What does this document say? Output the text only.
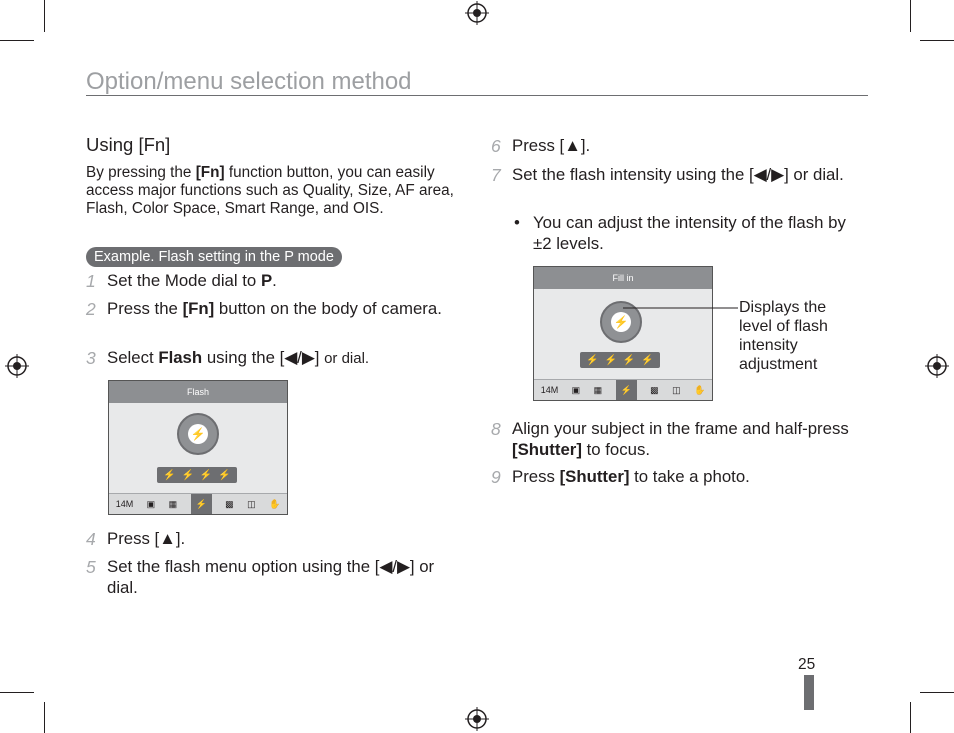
Option/menu selection method
Using [Fn]
By pressing the [Fn] function button, you can easily access major functions such as Quality, Size, AF area, Flash, Color Space, Smart Range, and OIS.
Example. Flash setting in the P mode
1 Set the Mode dial to P.
2 Press the [Fn] button on the body of camera.
3 Select Flash using the [◀/▶] or dial.
Flash
⚡
⚡ ⚡ ⚡ ⚡
14M ▣ ▦	⚡	▩ ◫ ✋
4 Press [▲].
5 Set the flash menu option using the [◀/▶] or dial.
6 Press [▲].
7 Set the flash intensity using the [◀/▶] or dial.
• You can adjust the intensity of the flash by ±2 levels.
Fill in
⚡
⚡ ⚡ ⚡ ⚡
14M ▣ ▦	⚡	▩ ◫ ✋
Displays the level of flash intensity adjustment
8 Align your subject in the frame and half-press [Shutter] to focus.
9 Press [Shutter] to take a photo.
25
